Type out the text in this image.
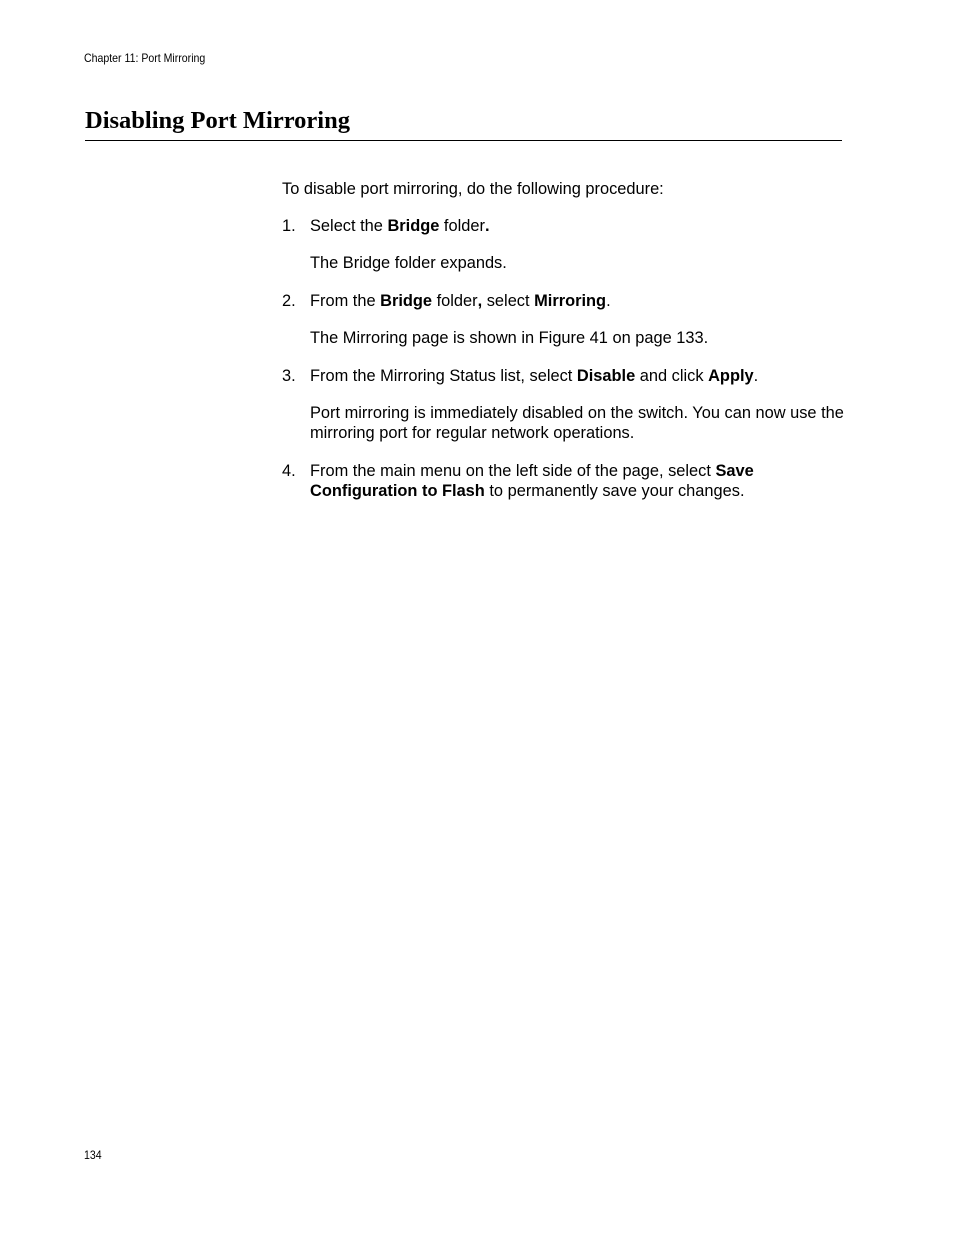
Chapter 11: Port Mirroring
Disabling Port Mirroring

To disable port mirroring, do the following procedure:

1. Select the Bridge folder.

The Bridge folder expands.

2. From the Bridge folder, select Mirroring.

The Mirroring page is shown in Figure 41 on page 133.

3. From the Mirroring Status list, select Disable and click Apply.

Port mirroring is immediately disabled on the switch. You can now use the mirroring port for regular network operations.

4. From the main menu on the left side of the page, select Save Configuration to Flash to permanently save your changes.
134
